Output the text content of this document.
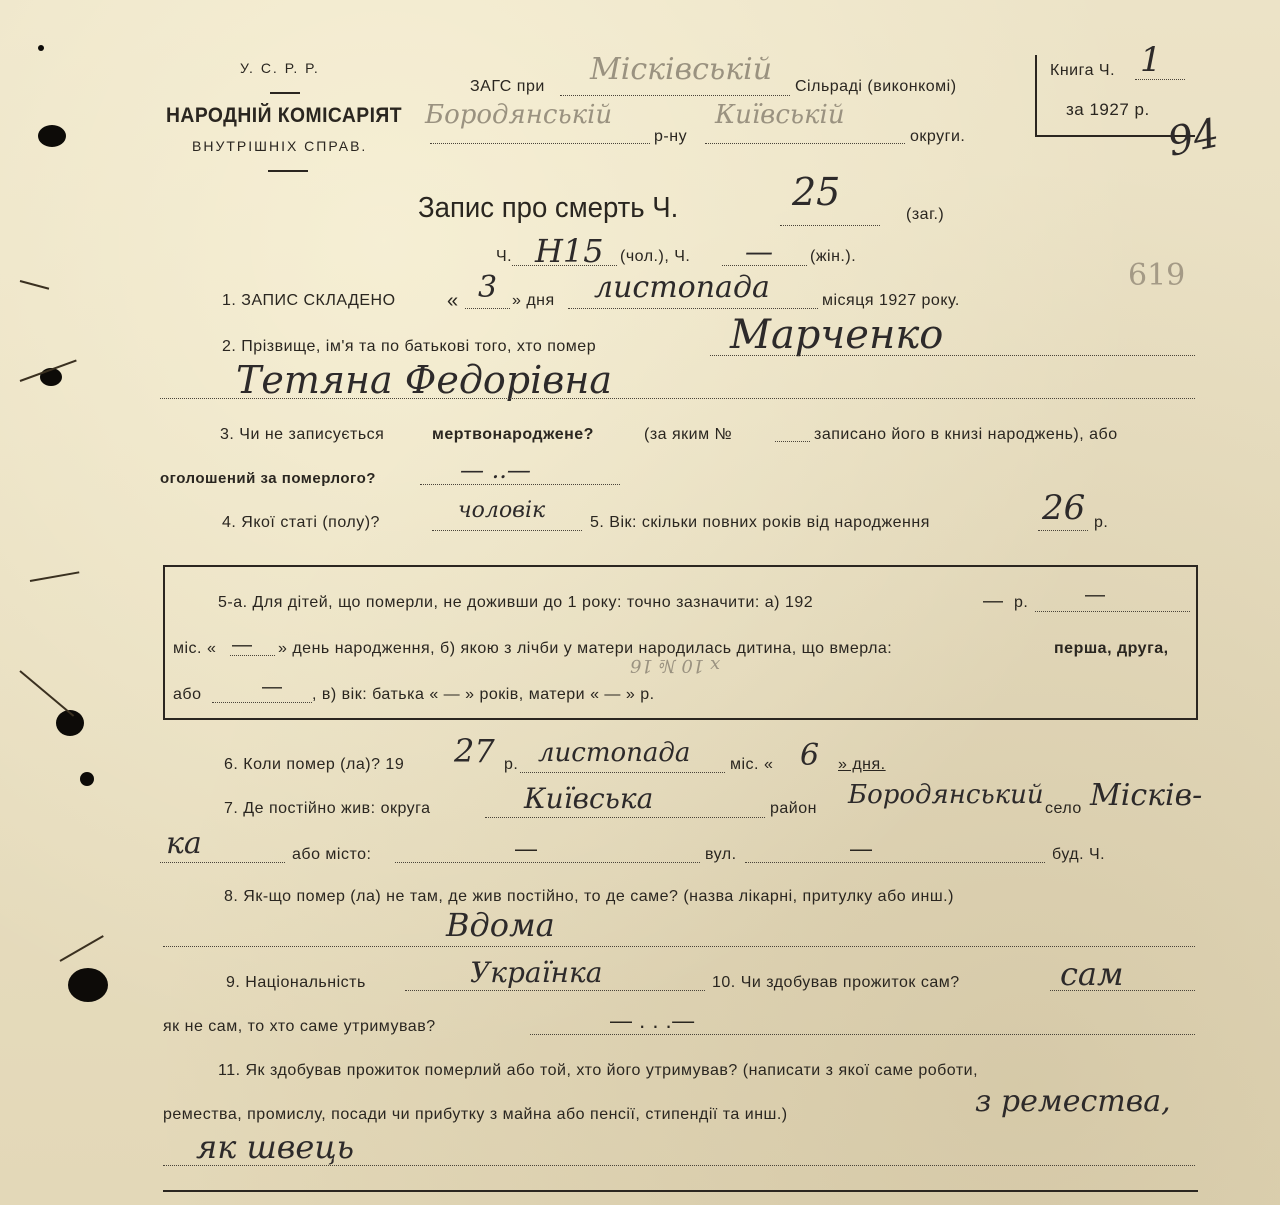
У. С. Р. Р.
НАРОДНІЙ КОМІСАРІЯТ
ВНУТРІШНІХ СПРАВ.
ЗАГС при Міскiвськiй Сільраді (виконкомі)
Бородянськiй
р-ну
Київськiй
округи.
Книга Ч. 1
за 1927 р.
94
619
Запис про смерть Ч.	25
(заг.)
Ч. Н15 (чол.), Ч. — (жін.).
1. ЗАПИС СКЛАДЕНО	« 3 » дня листопада	місяця 1927 року.
2. Прізвище, ім'я та по батькові того, хто помер	Марченко
Тетяна Федорівна
3. Чи не записується	мертвонароджене?	(за яким №	записано його в книзі народжень), або
оголошений за померлого?	— ..—
4. Якої статі (полу)?	чоловiк	5. Вік: скільки повних років від народження	26 р.
5-а. Для дітей, що померли, не доживши до 1 року: точно зазначити: а) 192	— р.	—
міс. « — » день народження, б) якою з лічби у матери народилась дитина, що вмерла:	перша, друга,
х 10 № 16
або	— , в) вік: батька « — » років, матери « — » р.
6. Коли помер (ла)? 19 27 р. листопада міс. « 6 » дня.
7. Де постійно жив: округа	Київська	район Бородянський село Міскiв-
ка	або місто:	—	вул.	—	буд. Ч.
8. Як-що помер (ла) не там, де жив постійно, то де саме? (назва лікарні, притулку або инш.)
Вдома
9. Національність	Українка	10. Чи здобував прожиток сам?	сам
як не сам, то хто саме утримував?	— . . .—
11. Як здобував прожиток померлий або той, хто його утримував? (написати з якої саме роботи,
ремества, промислу, посади чи прибутку з майна або пенсії, стипендії та инш.)	з ремества,
як швець
